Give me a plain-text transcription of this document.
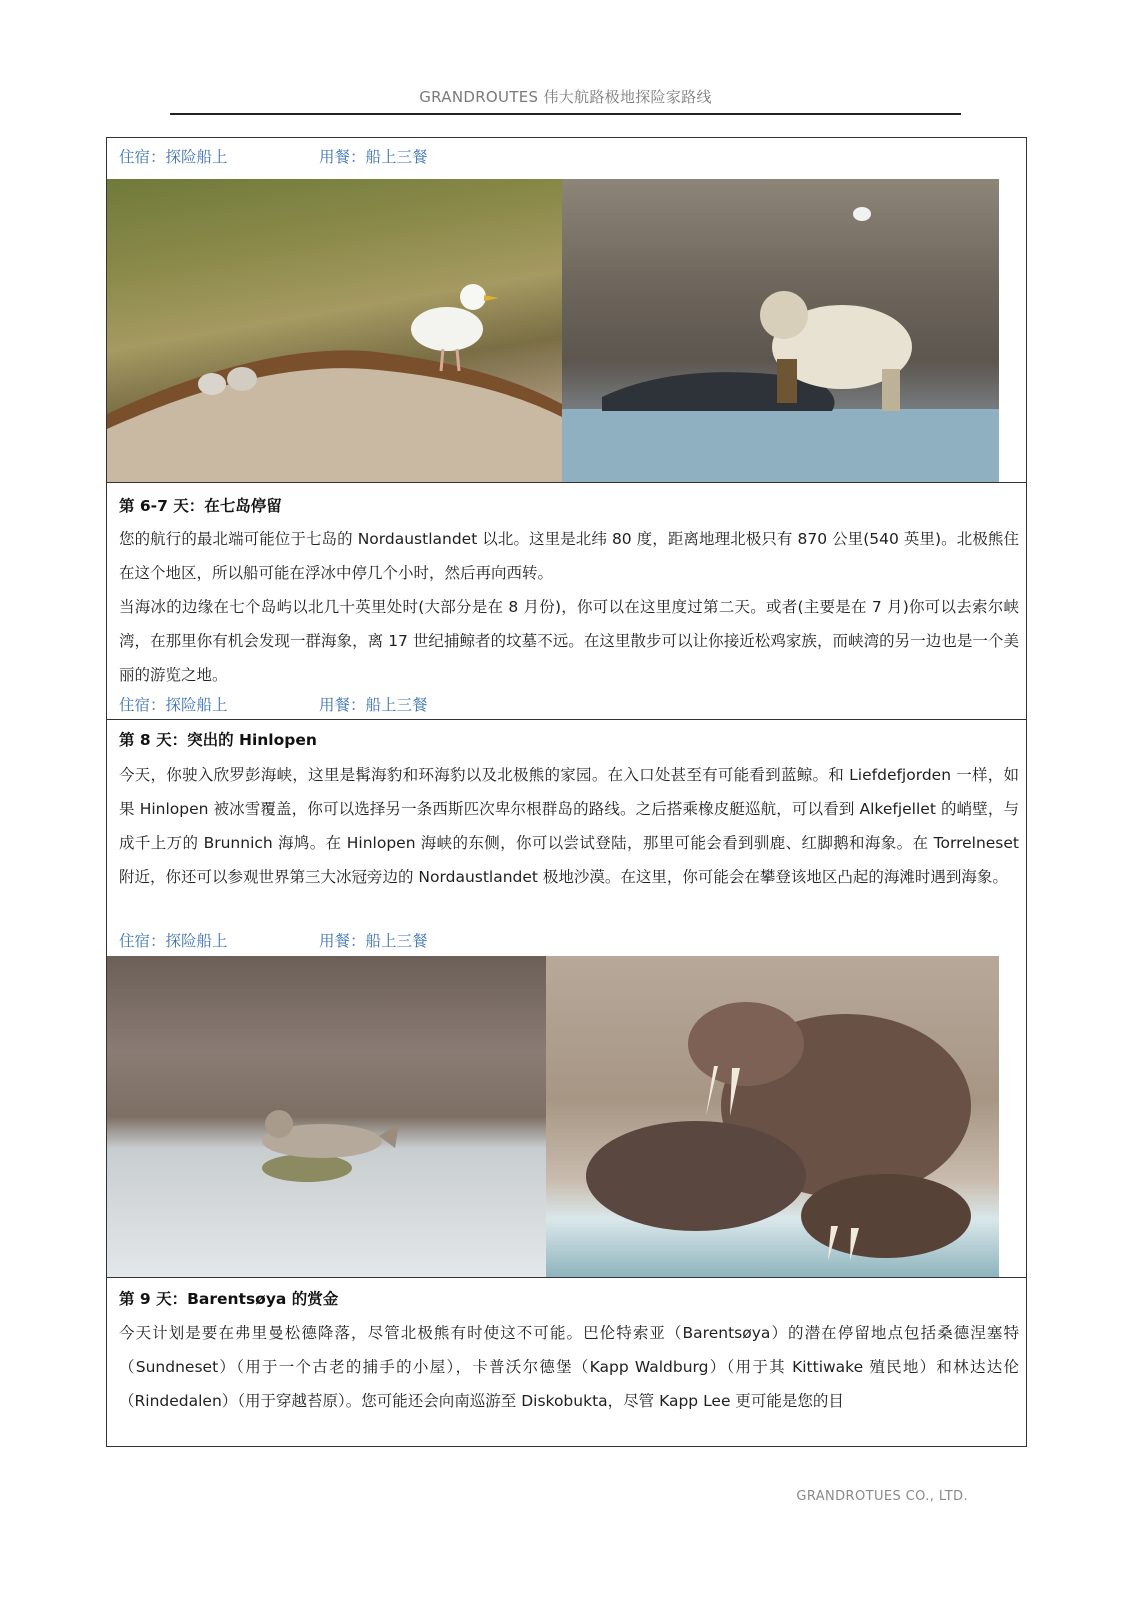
GRANDROUTES 伟大航路极地探险家路线
住宿：探险船上	用餐：船上三餐
第 6-7 天：在七岛停留
您的航行的最北端可能位于七岛的 Nordaustlandet 以北。这里是北纬 80 度，距离地理北极只有 870 公里(540 英里)。北极熊住在这个地区，所以船可能在浮冰中停几个小时，然后再向西转。
当海冰的边缘在七个岛屿以北几十英里处时(大部分是在 8 月份)，你可以在这里度过第二天。或者(主要是在 7 月)你可以去索尔峡湾，在那里你有机会发现一群海象，离 17 世纪捕鲸者的坟墓不远。在这里散步可以让你接近松鸡家族，而峡湾的另一边也是一个美丽的游览之地。
住宿：探险船上	用餐：船上三餐
第 8 天：突出的 Hinlopen
今天，你驶入欣罗彭海峡，这里是髯海豹和环海豹以及北极熊的家园。在入口处甚至有可能看到蓝鲸。和 Liefdefjorden 一样，如果 Hinlopen 被冰雪覆盖，你可以选择另一条西斯匹次卑尔根群岛的路线。之后搭乘橡皮艇巡航，可以看到 Alkefjellet 的峭壁，与成千上万的 Brunnich 海鸠。在 Hinlopen 海峡的东侧，你可以尝试登陆，那里可能会看到驯鹿、红脚鹅和海象。在 Torrelneset 附近，你还可以参观世界第三大冰冠旁边的 Nordaustlandet 极地沙漠。在这里，你可能会在攀登该地区凸起的海滩时遇到海象。
住宿：探险船上	用餐：船上三餐
第 9 天：Barentsøya 的赏金
今天计划是要在弗里曼松德降落，尽管北极熊有时使这不可能。巴伦特索亚（Barentsøya）的潜在停留地点包括桑德涅塞特（Sundneset）（用于一个古老的捕手的小屋），卡普沃尔德堡（Kapp Waldburg）（用于其 Kittiwake 殖民地）和林达达伦（Rindedalen）（用于穿越苔原）。您可能还会向南巡游至 Diskobukta，尽管 Kapp Lee 更可能是您的目
GRANDROTUES CO., LTD.
